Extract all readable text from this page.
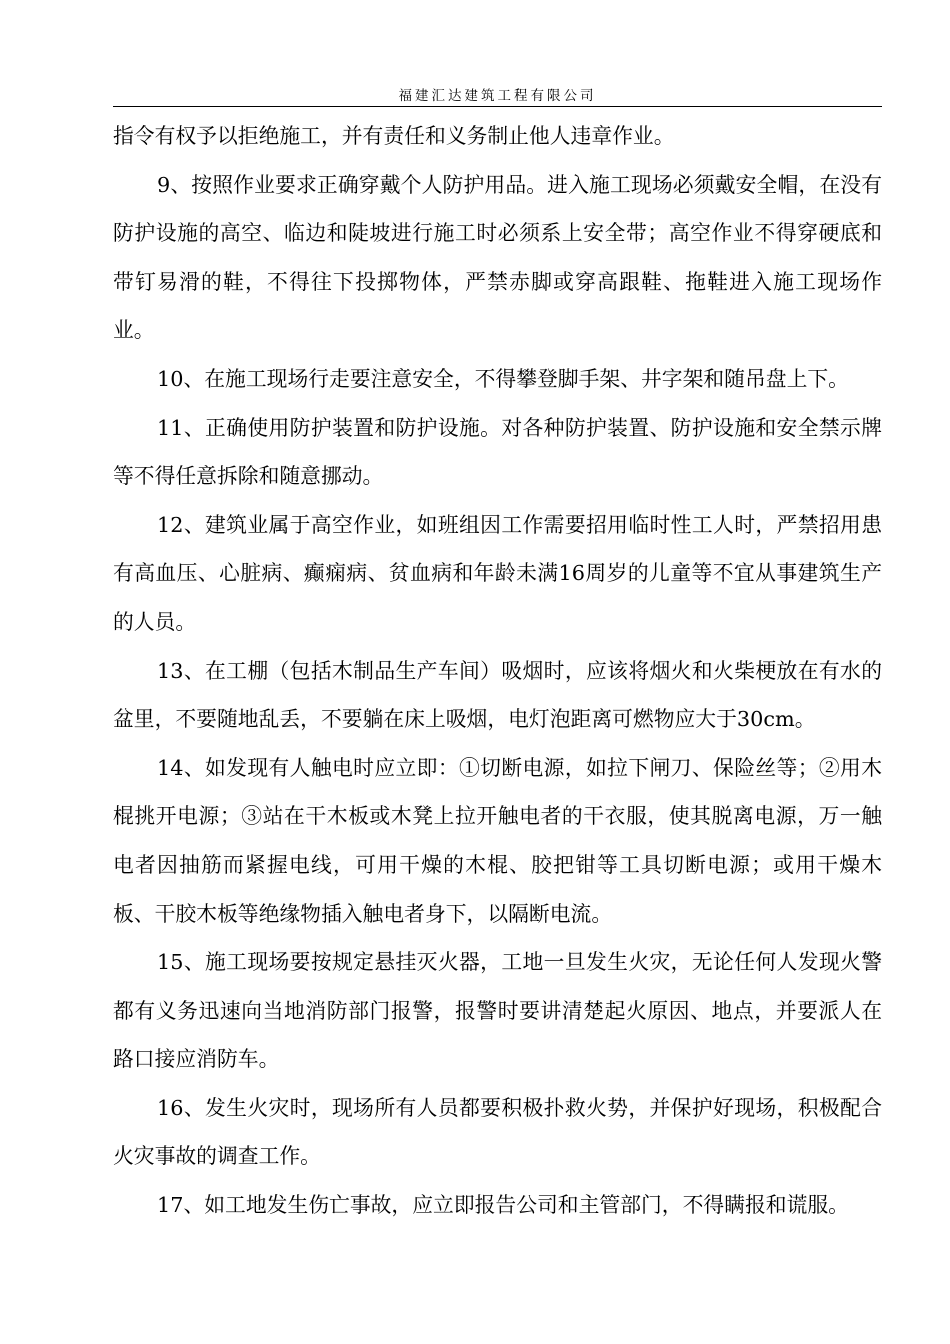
福建汇达建筑工程有限公司

指令有权予以拒绝施工，并有责任和义务制止他人违章作业。

9、按照作业要求正确穿戴个人防护用品。进入施工现场必须戴安全帽，在没有防护设施的高空、临边和陡坡进行施工时必须系上安全带；高空作业不得穿硬底和带钉易滑的鞋，不得往下投掷物体，严禁赤脚或穿高跟鞋、拖鞋进入施工现场作业。

10、在施工现场行走要注意安全，不得攀登脚手架、井字架和随吊盘上下。

11、正确使用防护装置和防护设施。对各种防护装置、防护设施和安全禁示牌等不得任意拆除和随意挪动。

12、建筑业属于高空作业，如班组因工作需要招用临时性工人时，严禁招用患有高血压、心脏病、癫痫病、贫血病和年龄未满16周岁的儿童等不宜从事建筑生产的人员。

13、在工棚（包括木制品生产车间）吸烟时，应该将烟火和火柴梗放在有水的盆里，不要随地乱丢，不要躺在床上吸烟，电灯泡距离可燃物应大于30cm。

14、如发现有人触电时应立即：①切断电源，如拉下闸刀、保险丝等；②用木棍挑开电源；③站在干木板或木凳上拉开触电者的干衣服，使其脱离电源，万一触电者因抽筋而紧握电线，可用干燥的木棍、胶把钳等工具切断电源；或用干燥木板、干胶木板等绝缘物插入触电者身下，以隔断电流。

15、施工现场要按规定悬挂灭火器，工地一旦发生火灾，无论任何人发现火警都有义务迅速向当地消防部门报警，报警时要讲清楚起火原因、地点，并要派人在路口接应消防车。

16、发生火灾时，现场所有人员都要积极扑救火势，并保护好现场，积极配合火灾事故的调查工作。

17、如工地发生伤亡事故，应立即报告公司和主管部门，不得瞒报和谎服。
